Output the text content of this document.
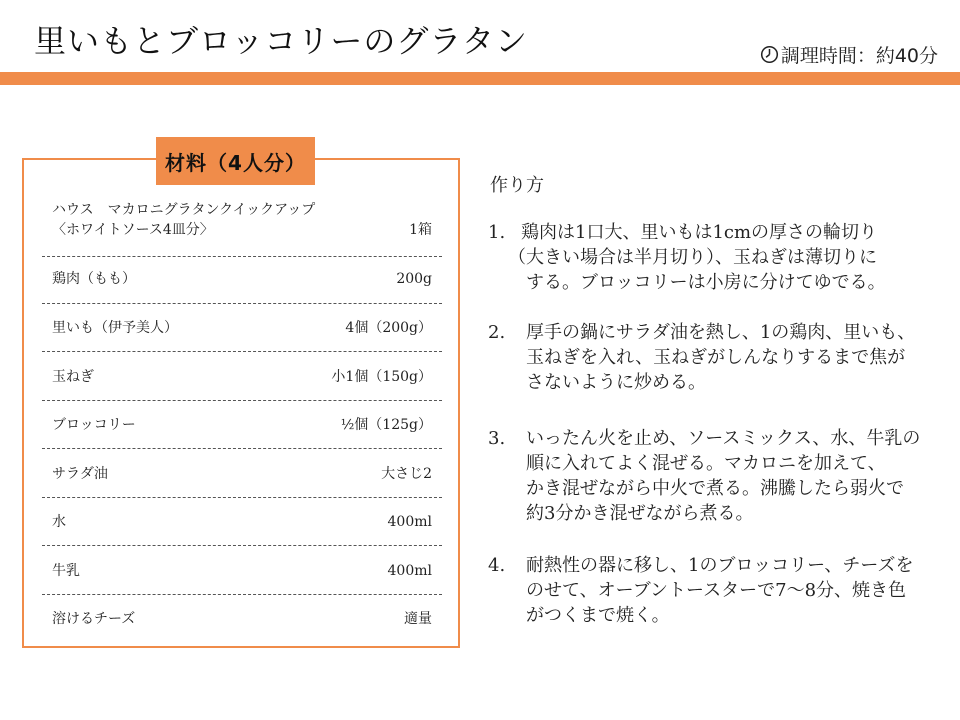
里いもとブロッコリーのグラタン	調理時間：約40分
材料（4人分）
ハウス　マカロニグラタンクイックアップ
〈ホワイトソース4皿分〉	1箱
鶏肉（もも）	200g
里いも（伊予美人）	4個（200g）
玉ねぎ	小1個（150g）
ブロッコリー	½個（125g）
サラダ油	大さじ2
水	400ml
牛乳	400ml
溶けるチーズ	適量
作り方
1. 鶏肉は1口大、里いもは1cmの厚さの輪切り
（大きい場合は半月切り）、玉ねぎは薄切りに
する。ブロッコリーは小房に分けてゆでる。
2.	厚手の鍋にサラダ油を熱し、1の鶏肉、里いも、
玉ねぎを入れ、玉ねぎがしんなりするまで焦が
さないように炒める。
3.	いったん火を止め、ソースミックス、水、牛乳の
順に入れてよく混ぜる。マカロニを加えて、
かき混ぜながら中火で煮る。沸騰したら弱火で
約3分かき混ぜながら煮る。
4.	耐熱性の器に移し、1のブロッコリー、チーズを
のせて、オーブントースターで7～8分、焼き色
がつくまで焼く。
